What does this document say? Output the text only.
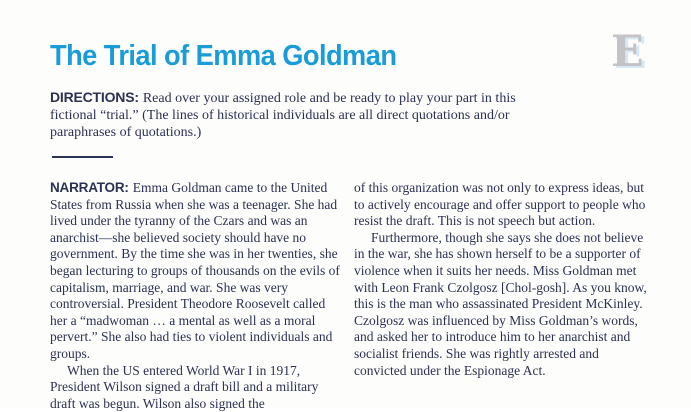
The Trial of Emma Goldman	E

DIRECTIONS: Read over your assigned role and be ready to play your part in this fictional “trial.” (The lines of historical individuals are all direct quotations and/or paraphrases of quotations.)

NARRATOR: Emma Goldman came to the United States from Russia when she was a teenager. She had lived under the tyranny of the Czars and was an anarchist—she believed society should have no government. By the time she was in her twenties, she began lecturing to groups of thousands on the evils of capitalism, marriage, and war. She was very controversial. President Theodore Roosevelt called her a “madwoman … a mental as well as a moral pervert.” She also had ties to violent individuals and groups.

When the US entered World War I in 1917, President Wilson signed a draft bill and a military draft was begun. Wilson also signed the

of this organization was not only to express ideas, but to actively encourage and offer support to people who resist the draft. This is not speech but action.

Furthermore, though she says she does not believe in the war, she has shown herself to be a supporter of violence when it suits her needs. Miss Goldman met with Leon Frank Czolgosz [Chol-gosh]. As you know, this is the man who assassinated President McKinley. Czolgosz was influenced by Miss Goldman’s words, and asked her to introduce him to her anarchist and socialist friends. She was rightly arrested and convicted under the Espionage Act.
